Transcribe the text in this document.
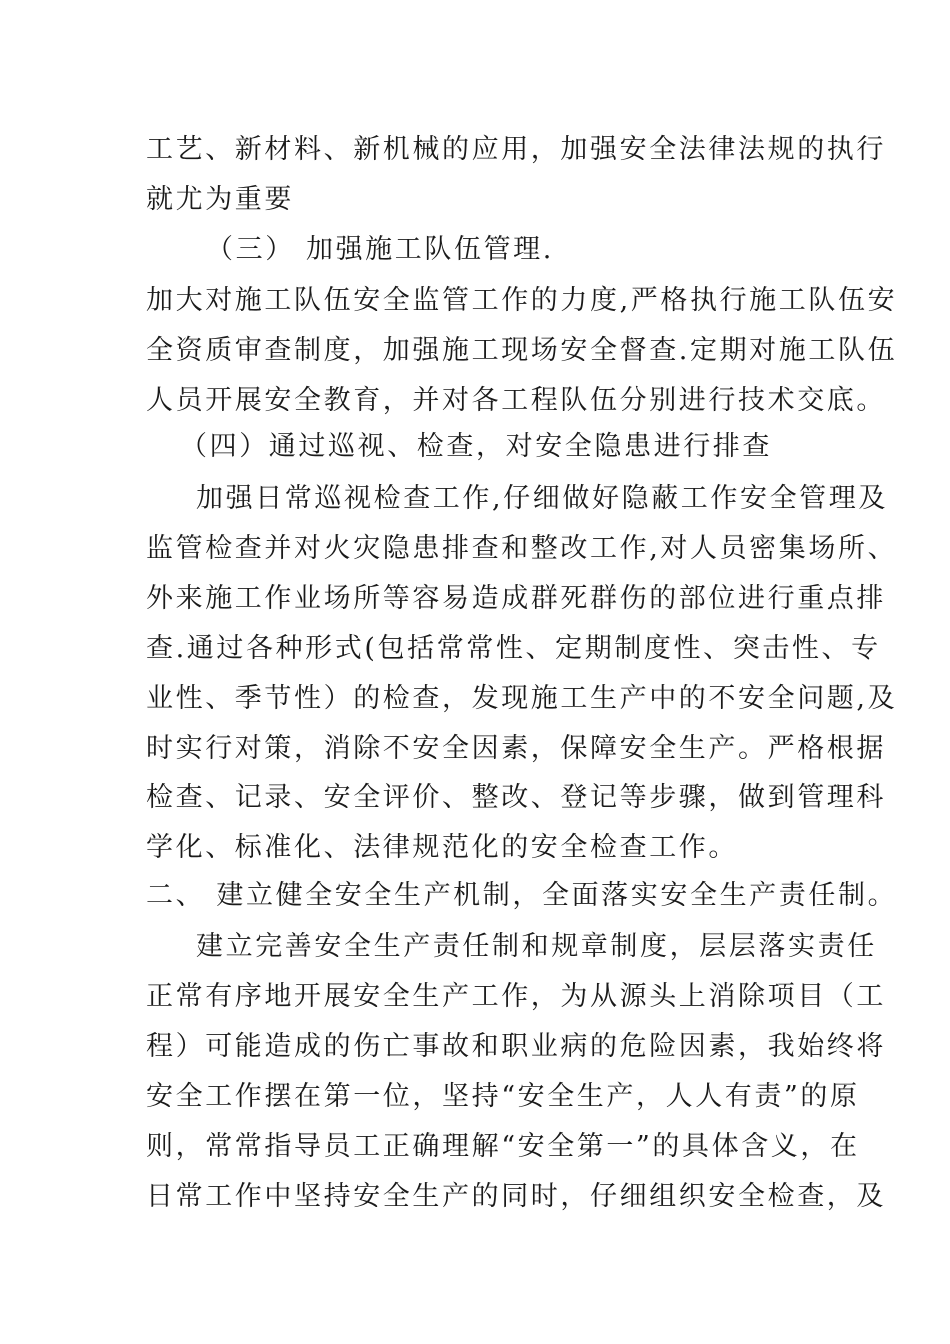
工艺、新材料、新机械的应用，加强安全法律法规的执行
就尤为重要
（三） 加强施工队伍管理.
加大对施工队伍安全监管工作的力度,严格执行施工队伍安
全资质审查制度，加强施工现场安全督查.定期对施工队伍
人员开展安全教育，并对各工程队伍分别进行技术交底。
（四）通过巡视、检查，对安全隐患进行排查
加强日常巡视检查工作,仔细做好隐蔽工作安全管理及
监管检查并对火灾隐患排查和整改工作,对人员密集场所、
外来施工作业场所等容易造成群死群伤的部位进行重点排
查.通过各种形式(包括常常性、定期制度性、突击性、专
业性、季节性）的检查，发现施工生产中的不安全问题,及
时实行对策，消除不安全因素，保障安全生产。严格根据
检查、记录、安全评价、整改、登记等步骤，做到管理科
学化、标准化、法律规范化的安全检查工作。
二、 建立健全安全生产机制，全面落实安全生产责任制。
建立完善安全生产责任制和规章制度，层层落实责任
正常有序地开展安全生产工作，为从源头上消除项目（工
程）可能造成的伤亡事故和职业病的危险因素，我始终将
安全工作摆在第一位，坚持“安全生产，人人有责”的原
则，常常指导员工正确理解“安全第一”的具体含义，在
日常工作中坚持安全生产的同时，仔细组织安全检查，及
